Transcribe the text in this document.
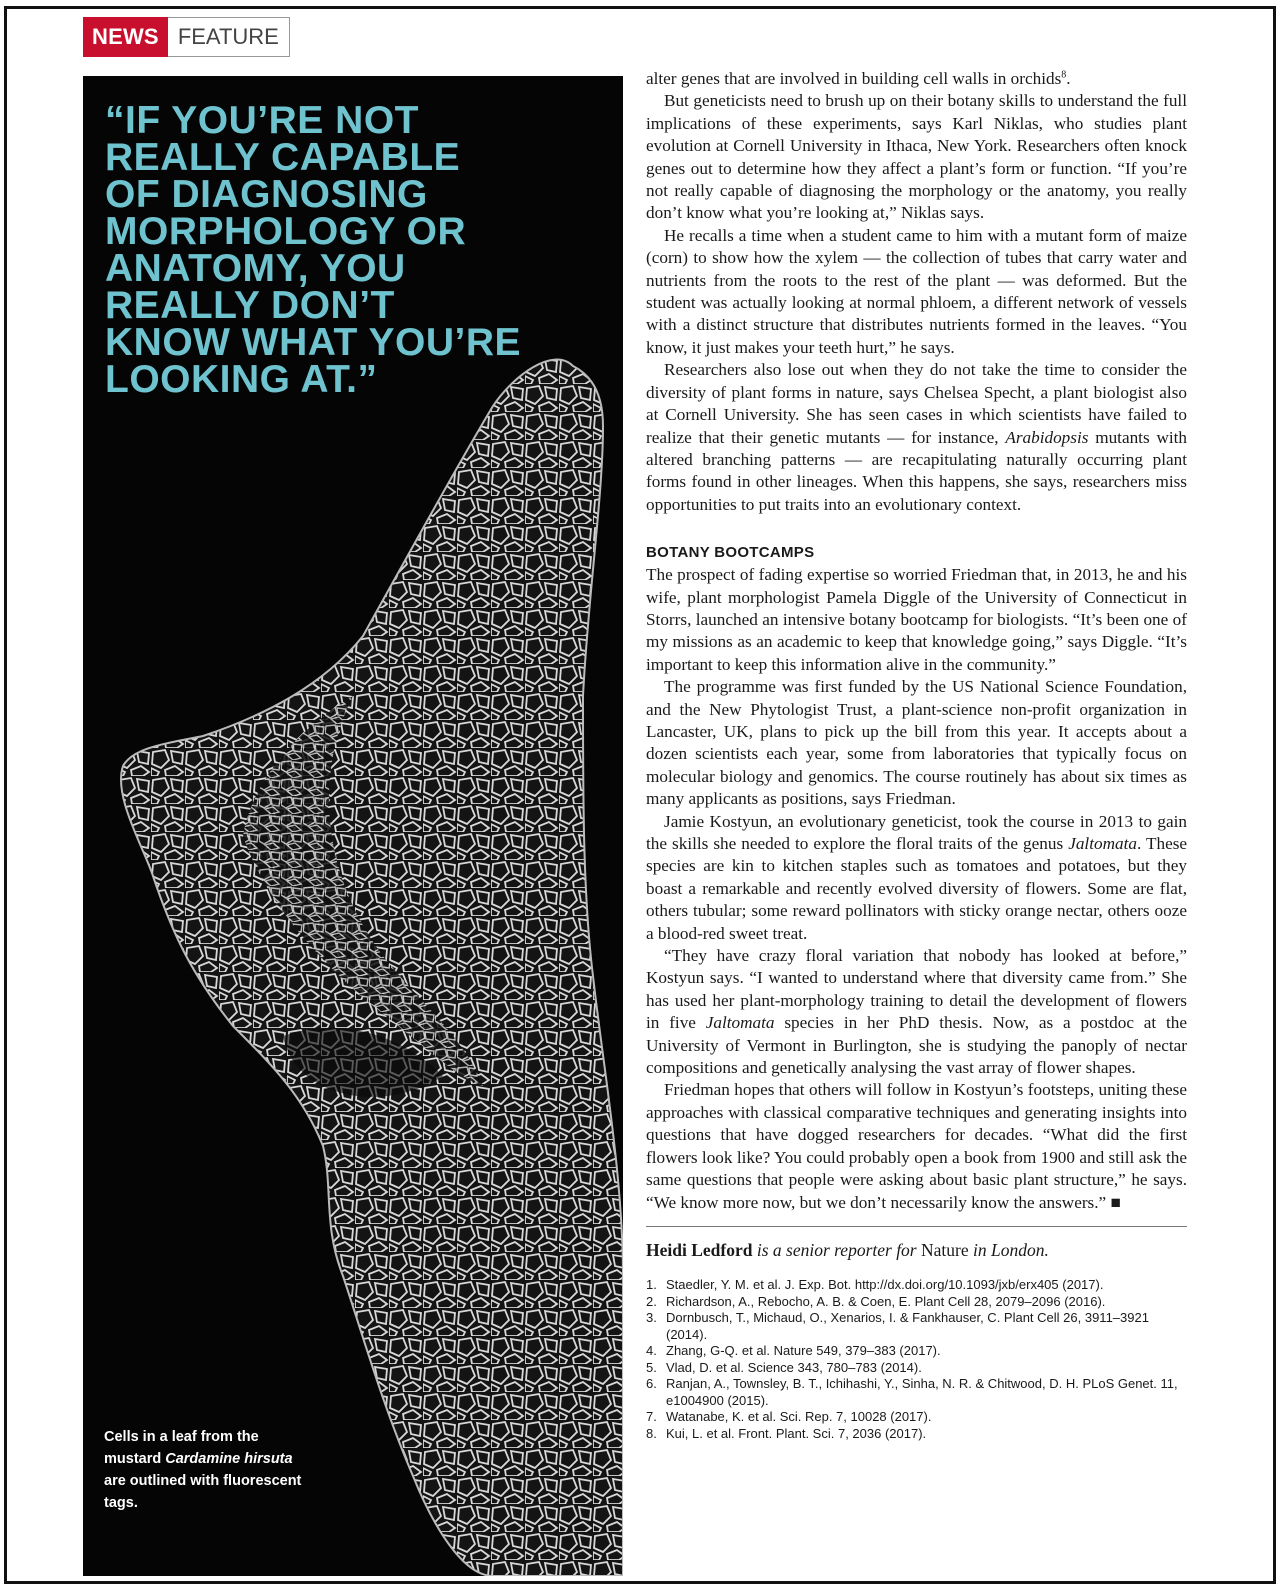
NEWS FEATURE
“IF YOU’RE NOT REALLY CAPABLE OF DIAGNOSING MORPHOLOGY OR ANATOMY, YOU REALLY DON’T KNOW WHAT YOU’RE LOOKING AT.”
Cells in a leaf from the mustard Cardamine hirsuta are outlined with fluorescent tags.

alter genes that are involved in building cell walls in orchids$^8$.

But geneticists need to brush up on their botany skills to understand the full implications of these experiments, says Karl Niklas, who studies plant evolution at Cornell University in Ithaca, New York. Researchers often knock genes out to determine how they affect a plant’s form or function. “If you’re not really capable of diagnosing the morphology or the anatomy, you really don’t know what you’re looking at,” Niklas says.

He recalls a time when a student came to him with a mutant form of maize (corn) to show how the xylem — the collection of tubes that carry water and nutrients from the roots to the rest of the plant — was deformed. But the student was actually looking at normal phloem, a different network of vessels with a distinct structure that distributes nutrients formed in the leaves. “You know, it just makes your teeth hurt,” he says.

Researchers also lose out when they do not take the time to consider the diversity of plant forms in nature, says Chelsea Specht, a plant biologist also at Cornell University. She has seen cases in which scientists have failed to realize that their genetic mutants — for instance, Arabidopsis mutants with altered branching patterns — are recapitulating naturally occurring plant forms found in other lineages. When this happens, she says, researchers miss opportunities to put traits into an evolutionary context.

BOTANY BOOTCAMPS

The prospect of fading expertise so worried Friedman that, in 2013, he and his wife, plant morphologist Pamela Diggle of the University of Connecticut in Storrs, launched an intensive botany bootcamp for biologists. “It’s been one of my missions as an academic to keep that knowledge going,” says Diggle. “It’s important to keep this information alive in the community.”

The programme was first funded by the US National Science Foundation, and the New Phytologist Trust, a plant-science non-profit organization in Lancaster, UK, plans to pick up the bill from this year. It accepts about a dozen scientists each year, some from laboratories that typically focus on molecular biology and genomics. The course routinely has about six times as many applicants as positions, says Friedman.

Jamie Kostyun, an evolutionary geneticist, took the course in 2013 to gain the skills she needed to explore the floral traits of the genus Jaltomata. These species are kin to kitchen staples such as tomatoes and potatoes, but they boast a remarkable and recently evolved diversity of flowers. Some are flat, others tubular; some reward pollinators with sticky orange nectar, others ooze a blood-red sweet treat.

“They have crazy floral variation that nobody has looked at before,” Kostyun says. “I wanted to understand where that diversity came from.” She has used her plant-morphology training to detail the development of flowers in five Jaltomata species in her PhD thesis. Now, as a postdoc at the University of Vermont in Burlington, she is studying the panoply of nectar compositions and genetically analysing the vast array of flower shapes.

Friedman hopes that others will follow in Kostyun’s footsteps, uniting these approaches with classical comparative techniques and generating insights into questions that have dogged researchers for decades. “What did the first flowers look like? You could probably open a book from 1900 and still ask the same questions that people were asking about basic plant structure,” he says. “We know more now, but we don’t necessarily know the answers.” ■

Heidi Ledford is a senior reporter for Nature in London.

1. Staedler, Y. M. et al. J. Exp. Bot. http://dx.doi.org/10.1093/jxb/erx405 (2017).
2. Richardson, A., Rebocho, A. B. & Coen, E. Plant Cell 28, 2079–2096 (2016).
3. Dornbusch, T., Michaud, O., Xenarios, I. & Fankhauser, C. Plant Cell 26, 3911–3921 (2014).
4. Zhang, G-Q. et al. Nature 549, 379–383 (2017).
5. Vlad, D. et al. Science 343, 780–783 (2014).
6. Ranjan, A., Townsley, B. T., Ichihashi, Y., Sinha, N. R. & Chitwood, D. H. PLoS Genet. 11, e1004900 (2015).
7. Watanabe, K. et al. Sci. Rep. 7, 10028 (2017).
8. Kui, L. et al. Front. Plant. Sci. 7, 2036 (2017).
